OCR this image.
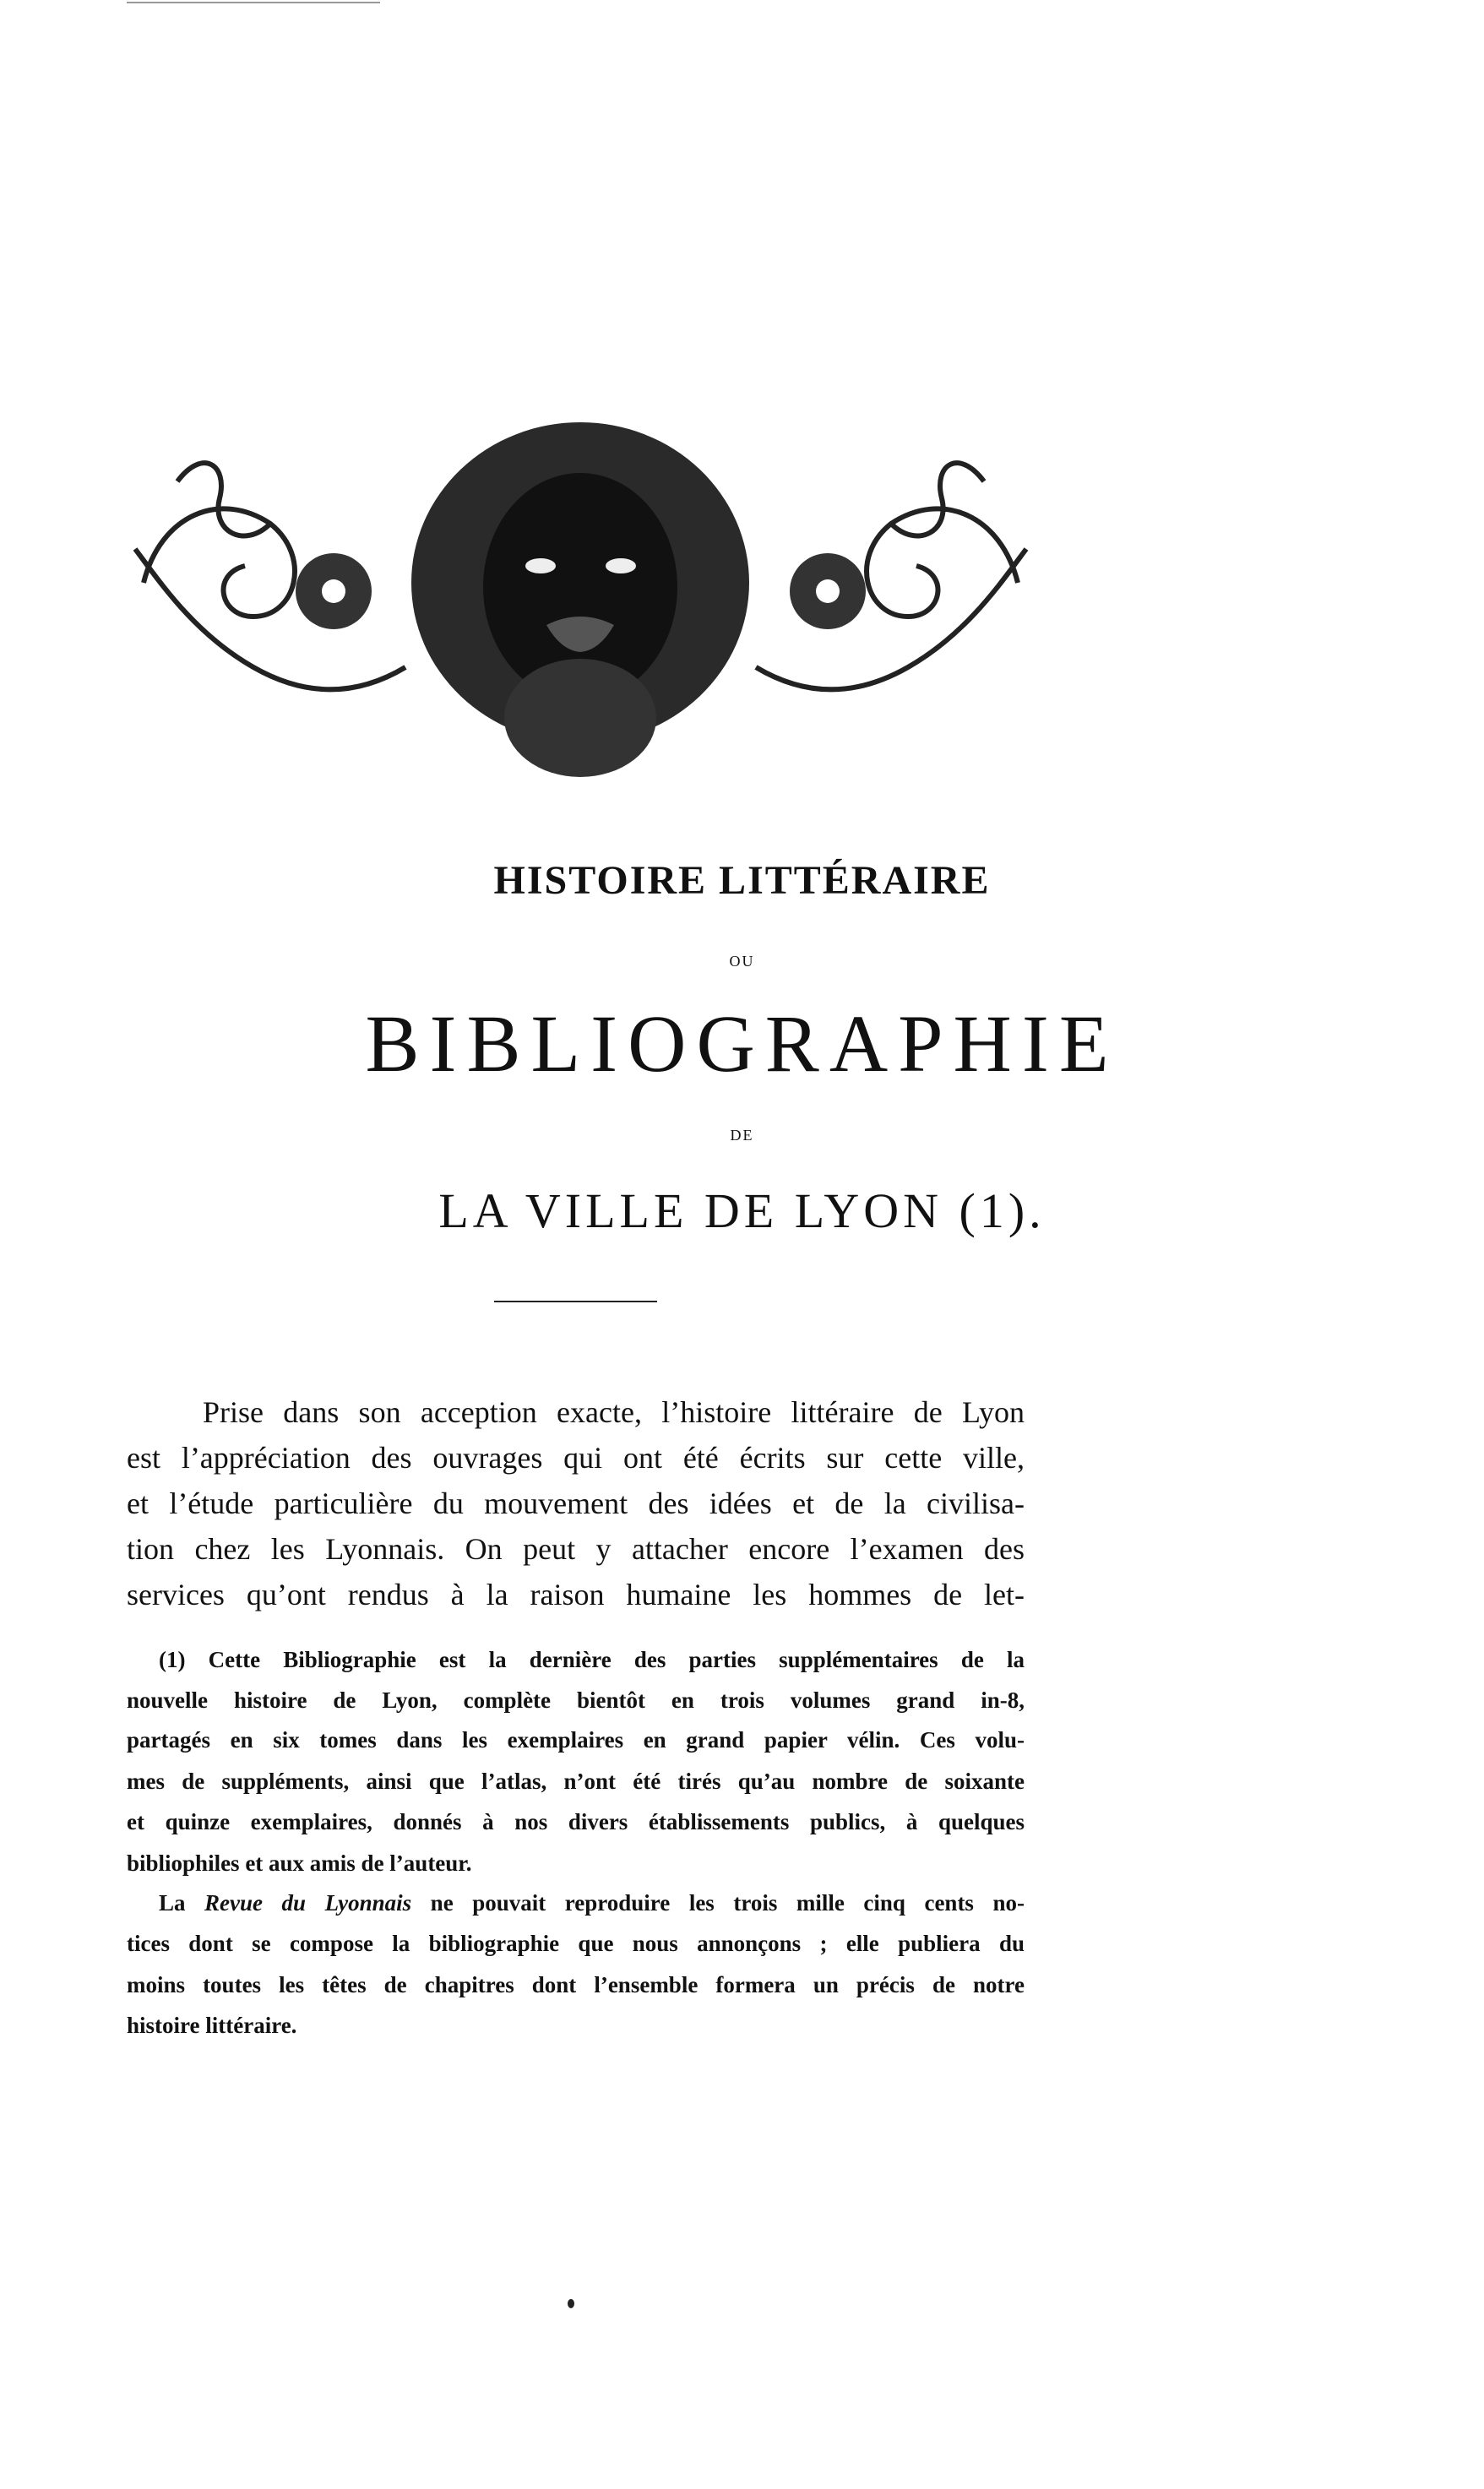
HISTOIRE LITTÉRAIRE
OU
BIBLIOGRAPHIE
DE
LA VILLE DE LYON (1).
Prise dans son acception exacte, l’histoire littéraire de Lyon
est l’appréciation des ouvrages qui ont été écrits sur cette ville,
et l’étude particulière du mouvement des idées et de la civilisa-
tion chez les Lyonnais. On peut y attacher encore l’examen des
services qu’ont rendus à la raison humaine les hommes de let-
(1) Cette Bibliographie est la dernière des parties supplémentaires de la
nouvelle histoire de Lyon, complète bientôt en trois volumes grand in-8,
partagés en six tomes dans les exemplaires en grand papier vélin. Ces volu-
mes de suppléments, ainsi que l’atlas, n’ont été tirés qu’au nombre de soixante
et quinze exemplaires, donnés à nos divers établissements publics, à quelques
bibliophiles et aux amis de l’auteur.
La Revue du Lyonnais ne pouvait reproduire les trois mille cinq cents no-
tices dont se compose la bibliographie que nous annonçons ; elle publiera du
moins toutes les têtes de chapitres dont l’ensemble formera un précis de notre
histoire littéraire.
